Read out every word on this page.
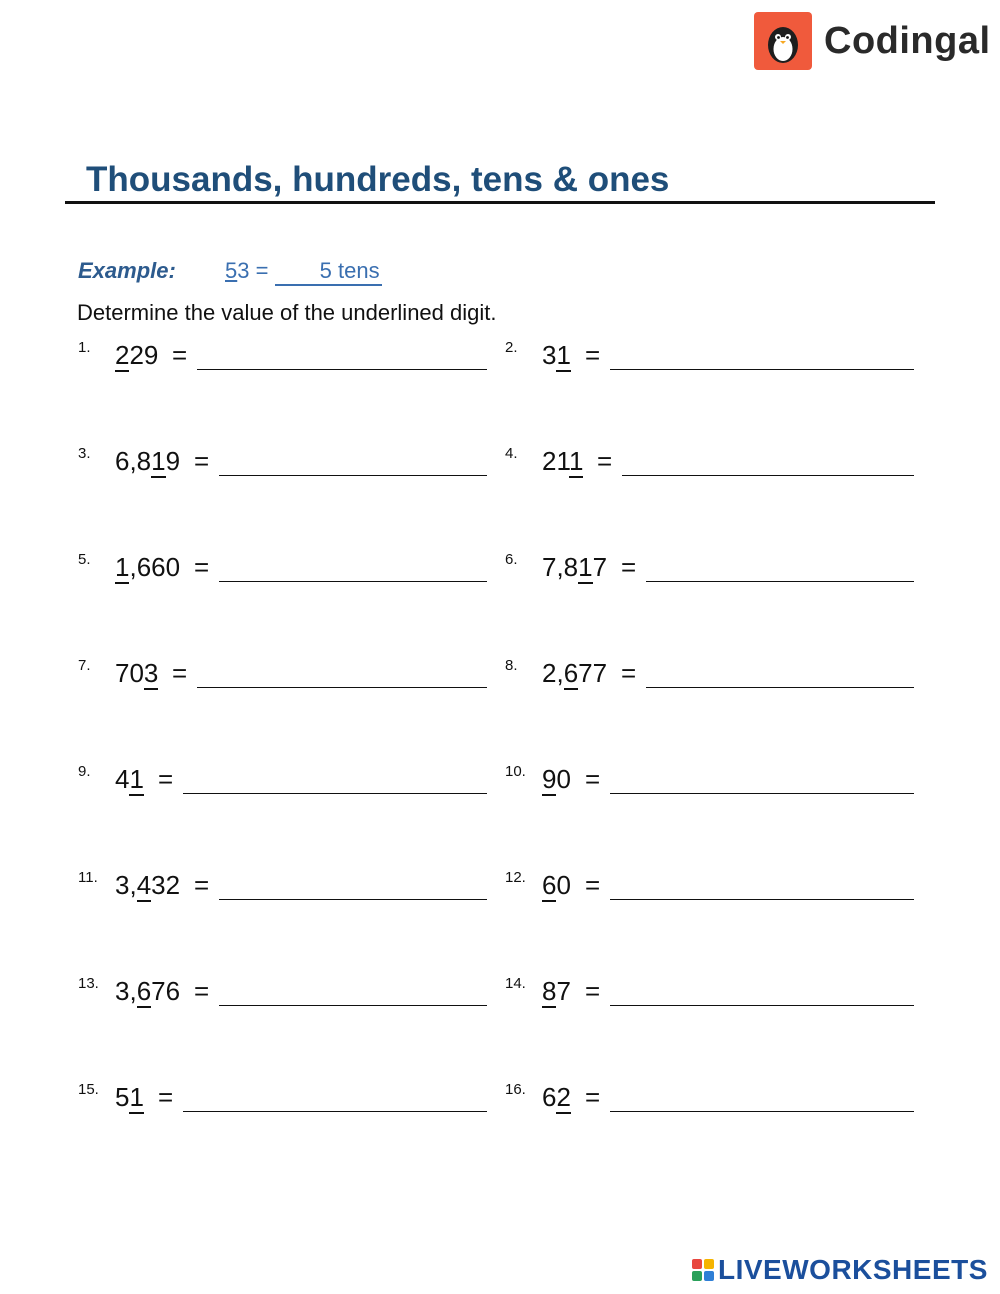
Codingal
Thousands, hundreds, tens & ones
Example: 53 = 5 tens
Determine the value of the underlined digit.
1. 229 =	2. 31 =
3. 6,819 =	4. 211 =
5. 1,660 =	6. 7,817 =
7. 703 =	8. 2,677 =
9. 41 =	10. 90 =
11. 3,432 =	12. 60 =
13. 3,676 =	14. 87 =
15. 51 =	16. 62 =
LIVEWORKSHEETS
